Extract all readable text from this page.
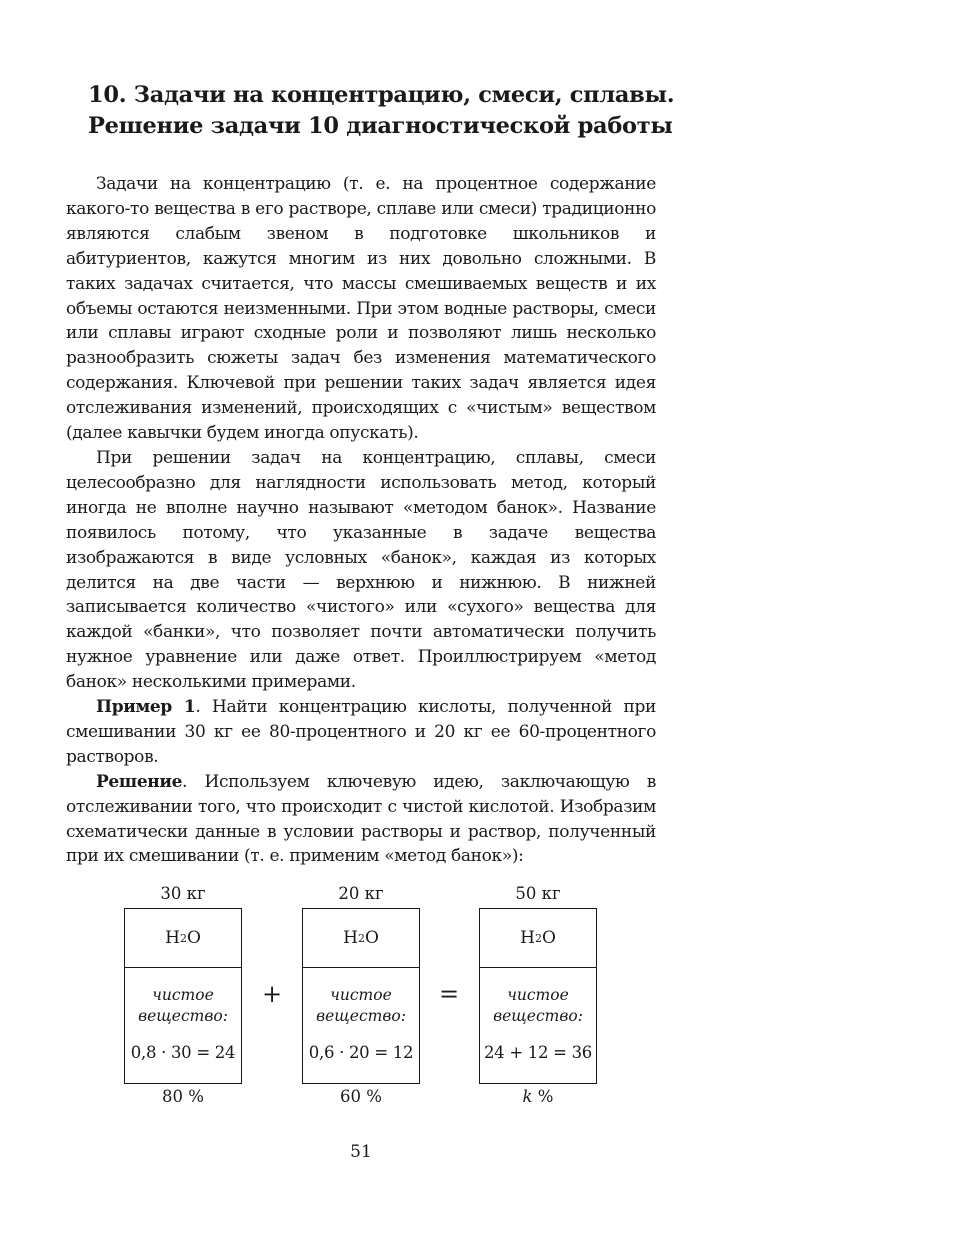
10. Задачи на концентрацию, смеси, сплавы.
Решение задачи 10 диагностической работы

Задачи на концентрацию (т. е. на процентное содержание какого-то вещества в его растворе, сплаве или смеси) традиционно являются слабым звеном в подготовке школьников и абитуриентов, кажутся многим из них довольно сложными. В таких задачах считается, что массы смешиваемых веществ и их объемы остаются неизменными. При этом водные растворы, смеси или сплавы играют сходные роли и позволяют лишь несколько разнообразить сюжеты задач без изменения математического содержания. Ключевой при решении таких задач является идея отслеживания изменений, происходящих с «чистым» веществом (далее кавычки будем иногда опускать).

При решении задач на концентрацию, сплавы, смеси целесообразно для наглядности использовать метод, который иногда не вполне научно называют «методом банок». Название появилось потому, что указанные в задаче вещества изображаются в виде условных «банок», каждая из которых делится на две части — верхнюю и нижнюю. В нижней записывается количество «чистого» или «сухого» вещества для каждой «банки», что позволяет почти автоматически получить нужное уравнение или даже ответ. Проиллюстрируем «метод банок» несколькими примерами.

Пример 1. Найти концентрацию кислоты, полученной при смешивании 30 кг ее 80-процентного и 20 кг ее 60-процентного растворов.

Решение. Используем ключевую идею, заключающую в отслеживании того, что происходит с чистой кислотой. Изобразим схематически данные в условии растворы и раствор, полученный при их смешивании (т. е. применим «метод банок»):

30 кг
H 2 O
чистое
вещество:
0,8 · 30 = 24
80 %
+
20 кг
H 2 O
чистое
вещество:
0,6 · 20 = 12
60 %
=
50 кг
H 2 O
чистое
вещество:
24 + 12 = 36
k %
51
